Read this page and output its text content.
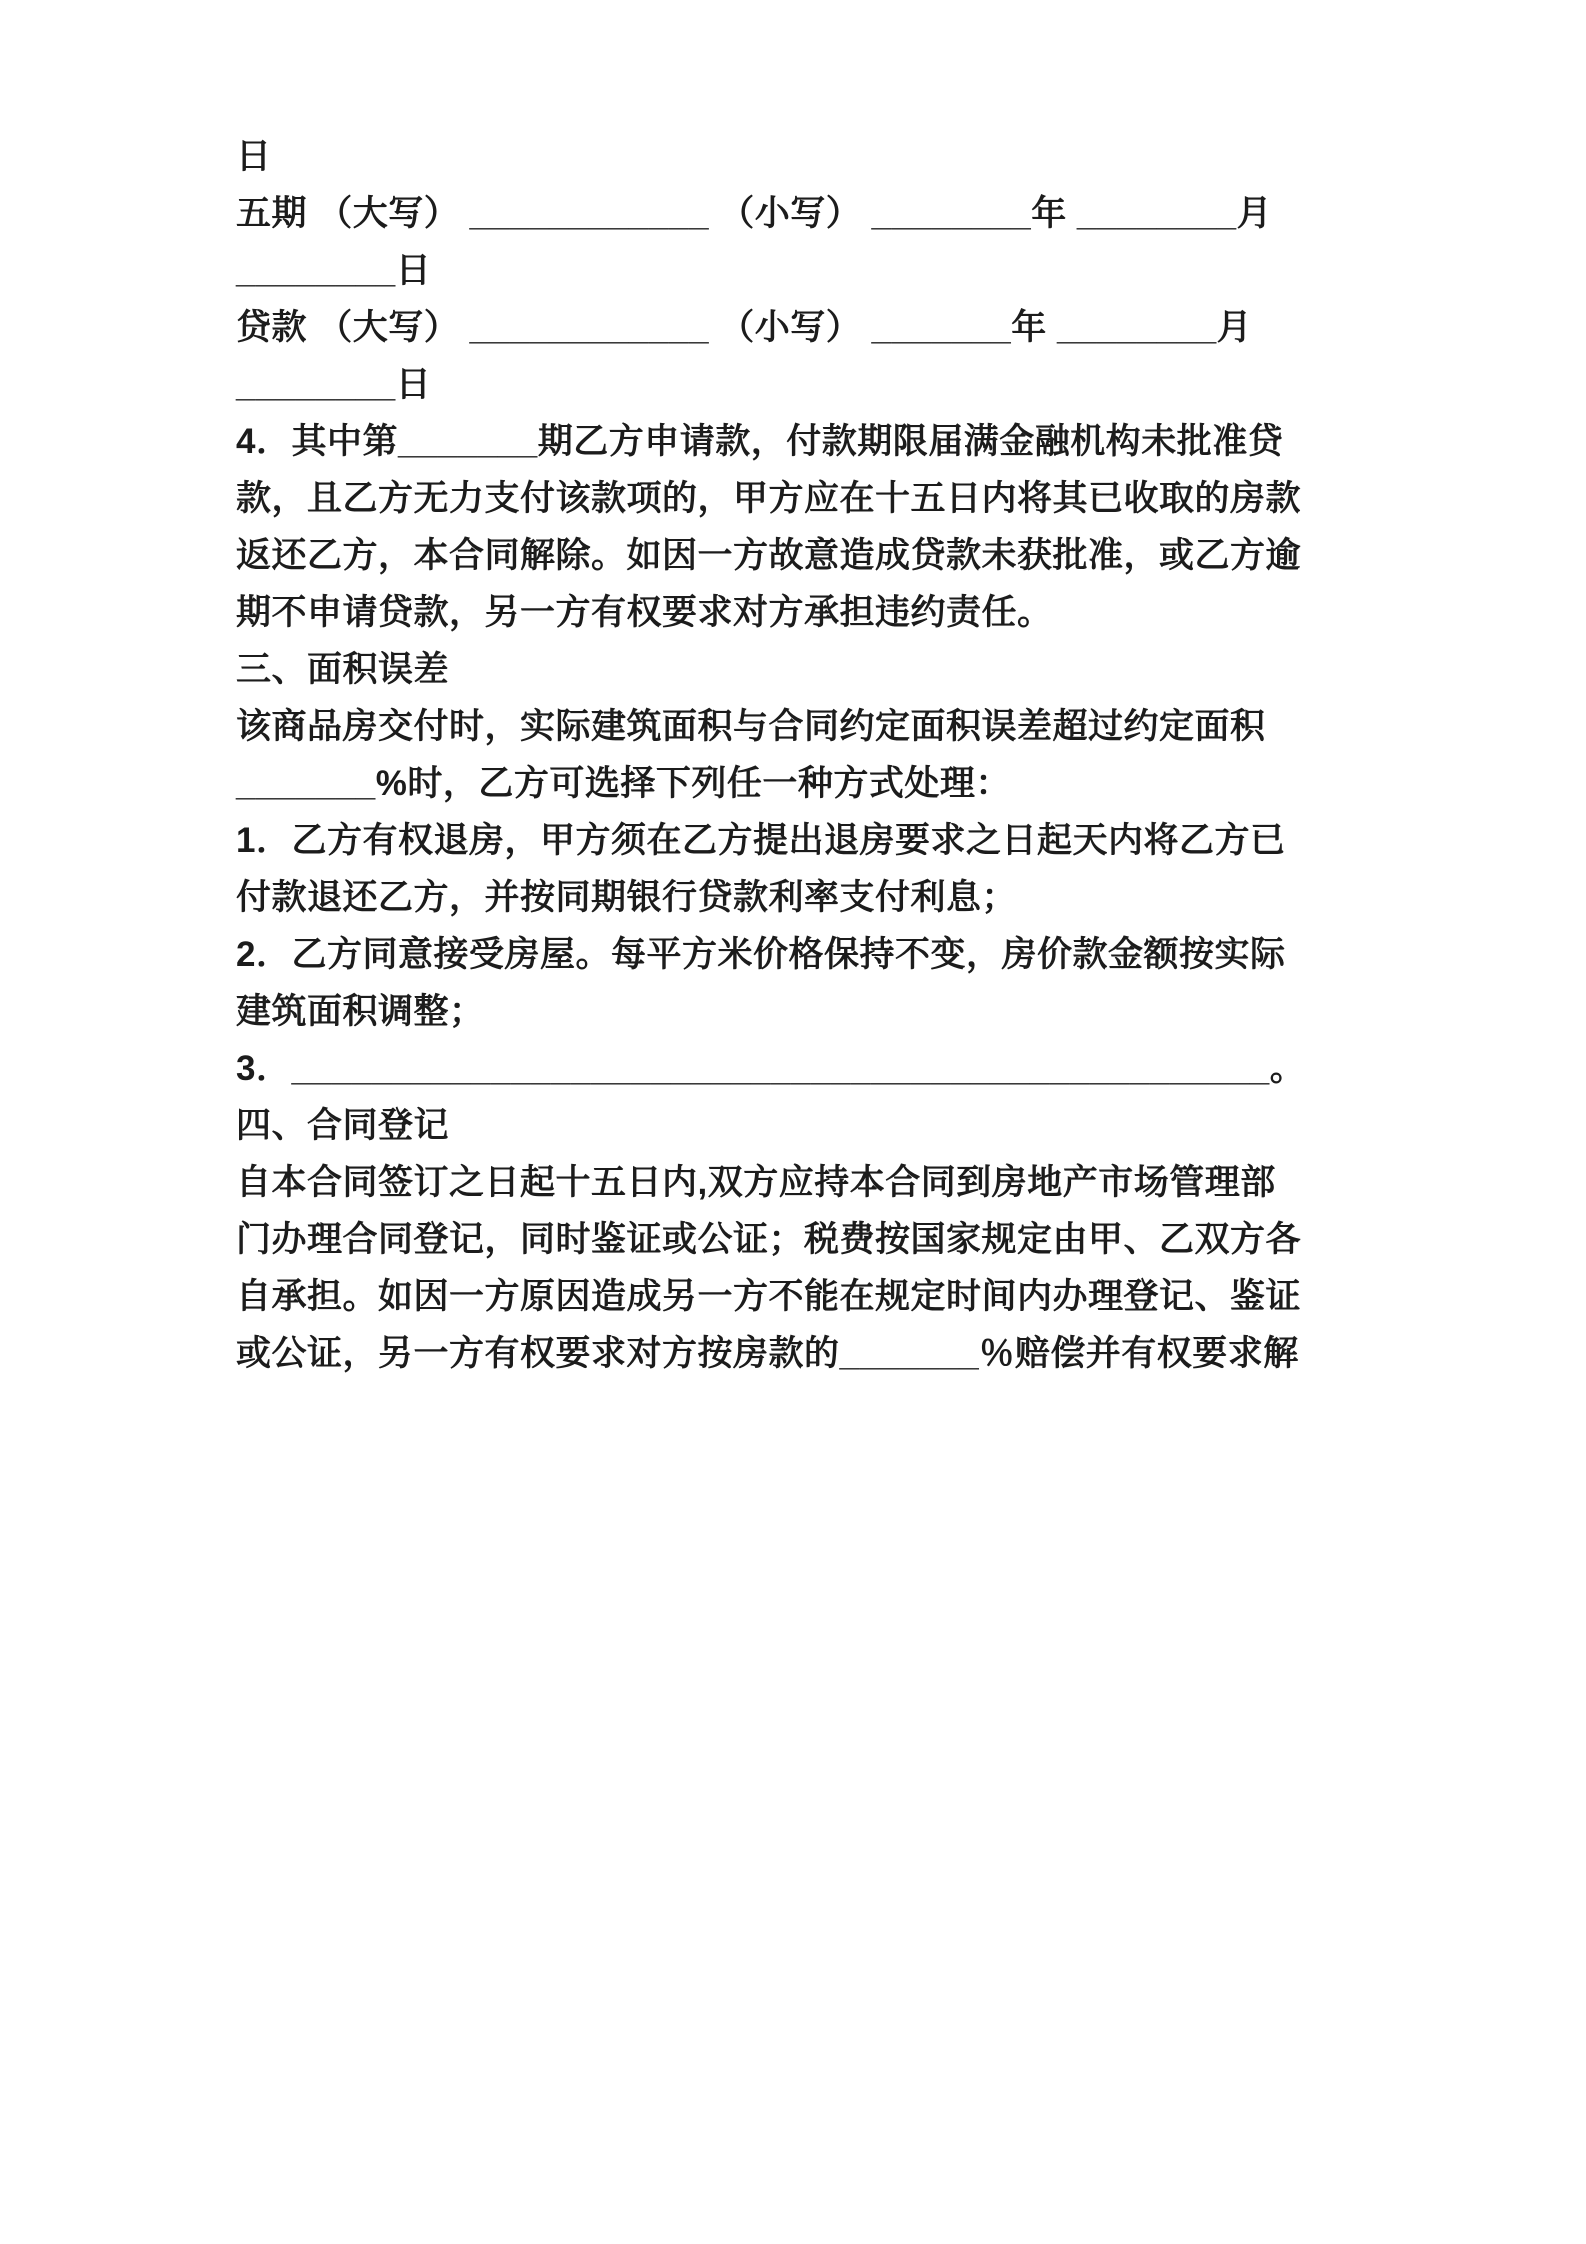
日

五期 （大写） ____________ （小写） ________年 ________月

________日

贷款 （大写） ____________ （小写） _______年 ________月

________日

4．其中第_______期乙方申请款，付款期限届满金融机构未批准贷

款，且乙方无力支付该款项的，甲方应在十五日内将其已收取的房款

返还乙方，本合同解除。如因一方故意造成贷款未获批准，或乙方逾

期不申请贷款，另一方有权要求对方承担违约责任。

三、面积误差

该商品房交付时，实际建筑面积与合同约定面积误差超过约定面积

_______%时，乙方可选择下列任一种方式处理：

1．乙方有权退房，甲方须在乙方提出退房要求之日起天内将乙方已

付款退还乙方，并按同期银行贷款利率支付利息；

2．乙方同意接受房屋。每平方米价格保持不变，房价款金额按实际

建筑面积调整；

3．_________________________________________________。

四、合同登记

自本合同签订之日起十五日内,双方应持本合同到房地产市场管理部

门办理合同登记，同时鉴证或公证；税费按国家规定由甲、乙双方各

自承担。如因一方原因造成另一方不能在规定时间内办理登记、鉴证

或公证，另一方有权要求对方按房款的_______％赔偿并有权要求解
